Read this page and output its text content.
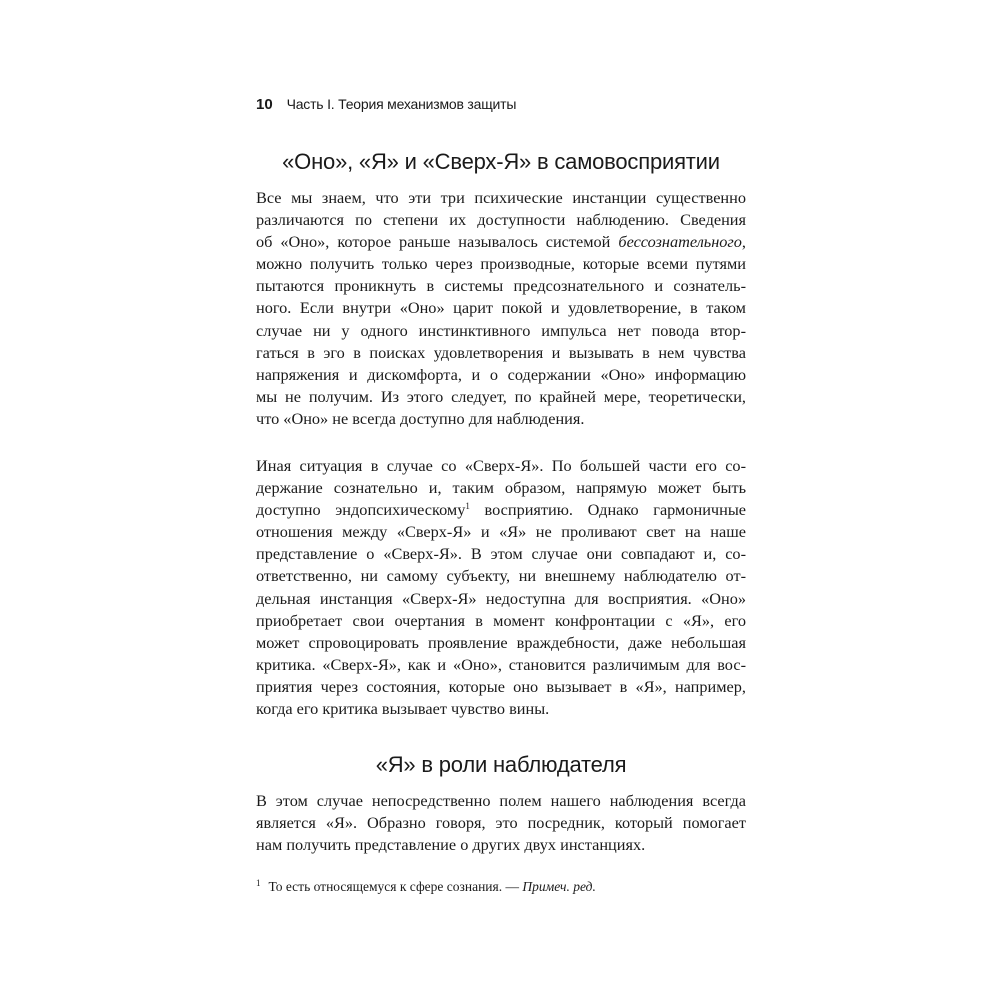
10 Часть I. Теория механизмов защиты
«Оно», «Я» и «Сверх-Я» в самовосприятии
Все мы знаем, что эти три психические инстанции существенно
различаются по степени их доступности наблюдению. Сведения
об «Оно», которое раньше называлось системой бессознательного,
можно получить только через производные, которые всеми путями
пытаются проникнуть в системы предсознательного и сознатель-
ного. Если внутри «Оно» царит покой и удовлетворение, в таком
случае ни у одного инстинктивного импульса нет повода втор-
гаться в эго в поисках удовлетворения и вызывать в нем чувства
напряжения и дискомфорта, и о содержании «Оно» информацию
мы не получим. Из этого следует, по крайней мере, теоретически,
что «Оно» не всегда доступно для наблюдения.
Иная ситуация в случае со «Сверх-Я». По большей части его со-
держание сознательно и, таким образом, напрямую может быть
доступно эндопсихическому$^1$ восприятию. Однако гармоничные
отношения между «Сверх-Я» и «Я» не проливают свет на наше
представление о «Сверх-Я». В этом случае они совпадают и, со-
ответственно, ни самому субъекту, ни внешнему наблюдателю от-
дельная инстанция «Сверх-Я» недоступна для восприятия. «Оно»
приобретает свои очертания в момент конфронтации с «Я», его
может спровоцировать проявление враждебности, даже небольшая
критика. «Сверх-Я», как и «Оно», становится различимым для вос-
приятия через состояния, которые оно вызывает в «Я», например,
когда его критика вызывает чувство вины.
«Я» в роли наблюдателя
В этом случае непосредственно полем нашего наблюдения всегда
является «Я». Образно говоря, это посредник, который помогает
нам получить представление о других двух инстанциях.
$^1$ То есть относящемуся к сфере сознания. — Примеч. ред.
